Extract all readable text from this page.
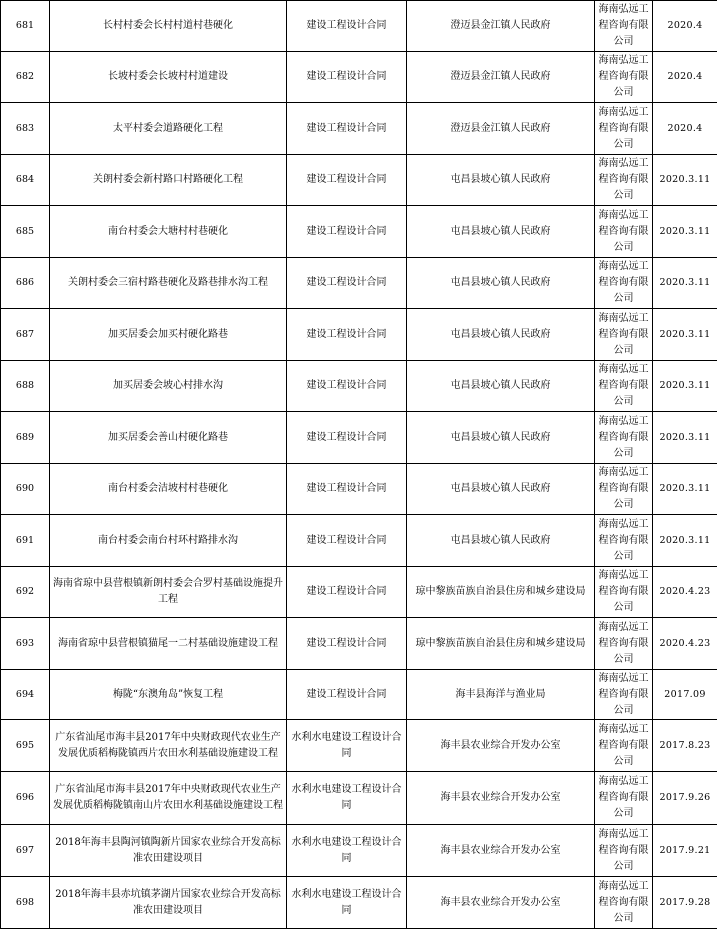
681	长村村委会长村村道村巷硬化	建设工程设计合同	澄迈县金江镇人民政府	海南弘远工程咨询有限公司	2020.4
682	长坡村委会长坡村村道建设	建设工程设计合同	澄迈县金江镇人民政府	海南弘远工程咨询有限公司	2020.4
683	太平村委会道路硬化工程	建设工程设计合同	澄迈县金江镇人民政府	海南弘远工程咨询有限公司	2020.4
684	关朗村委会新村路口村路硬化工程	建设工程设计合同	屯昌县坡心镇人民政府	海南弘远工程咨询有限公司	2020.3.11
685	南台村委会大塘村村巷硬化	建设工程设计合同	屯昌县坡心镇人民政府	海南弘远工程咨询有限公司	2020.3.11
686	关朗村委会三宿村路巷硬化及路巷排水沟工程	建设工程设计合同	屯昌县坡心镇人民政府	海南弘远工程咨询有限公司	2020.3.11
687	加买居委会加买村硬化路巷	建设工程设计合同	屯昌县坡心镇人民政府	海南弘远工程咨询有限公司	2020.3.11
688	加买居委会坡心村排水沟	建设工程设计合同	屯昌县坡心镇人民政府	海南弘远工程咨询有限公司	2020.3.11
689	加买居委会善山村硬化路巷	建设工程设计合同	屯昌县坡心镇人民政府	海南弘远工程咨询有限公司	2020.3.11
690	南台村委会洁坡村村巷硬化	建设工程设计合同	屯昌县坡心镇人民政府	海南弘远工程咨询有限公司	2020.3.11
691	南台村委会南台村环村路排水沟	建设工程设计合同	屯昌县坡心镇人民政府	海南弘远工程咨询有限公司	2020.3.11
692	海南省琼中县营根镇新朗村委会合罗村基础设施提升工程	建设工程设计合同	琼中黎族苗族自治县住房和城乡建设局	海南弘远工程咨询有限公司	2020.4.23
693	海南省琼中县营根镇猫尾一二村基础设施建设工程	建设工程设计合同	琼中黎族苗族自治县住房和城乡建设局	海南弘远工程咨询有限公司	2020.4.23
694	梅陇“东澳角岛”恢复工程	建设工程设计合同	海丰县海洋与渔业局	海南弘远工程咨询有限公司	2017.09
695	广东省汕尾市海丰县2017年中央财政现代农业生产发展优质稻梅陇镇西片农田水利基础设施建设工程	水利水电建设工程设计合同	海丰县农业综合开发办公室	海南弘远工程咨询有限公司	2017.8.23
696	广东省汕尾市海丰县2017年中央财政现代农业生产发展优质稻梅陇镇南山片农田水利基础设施建设工程	水利水电建设工程设计合同	海丰县农业综合开发办公室	海南弘远工程咨询有限公司	2017.9.26
697	2018年海丰县陶河镇陶新片国家农业综合开发高标准农田建设项目	水利水电建设工程设计合同	海丰县农业综合开发办公室	海南弘远工程咨询有限公司	2017.9.21
698	2018年海丰县赤坑镇茅湖片国家农业综合开发高标准农田建设项目	水利水电建设工程设计合同	海丰县农业综合开发办公室	海南弘远工程咨询有限公司	2017.9.28
